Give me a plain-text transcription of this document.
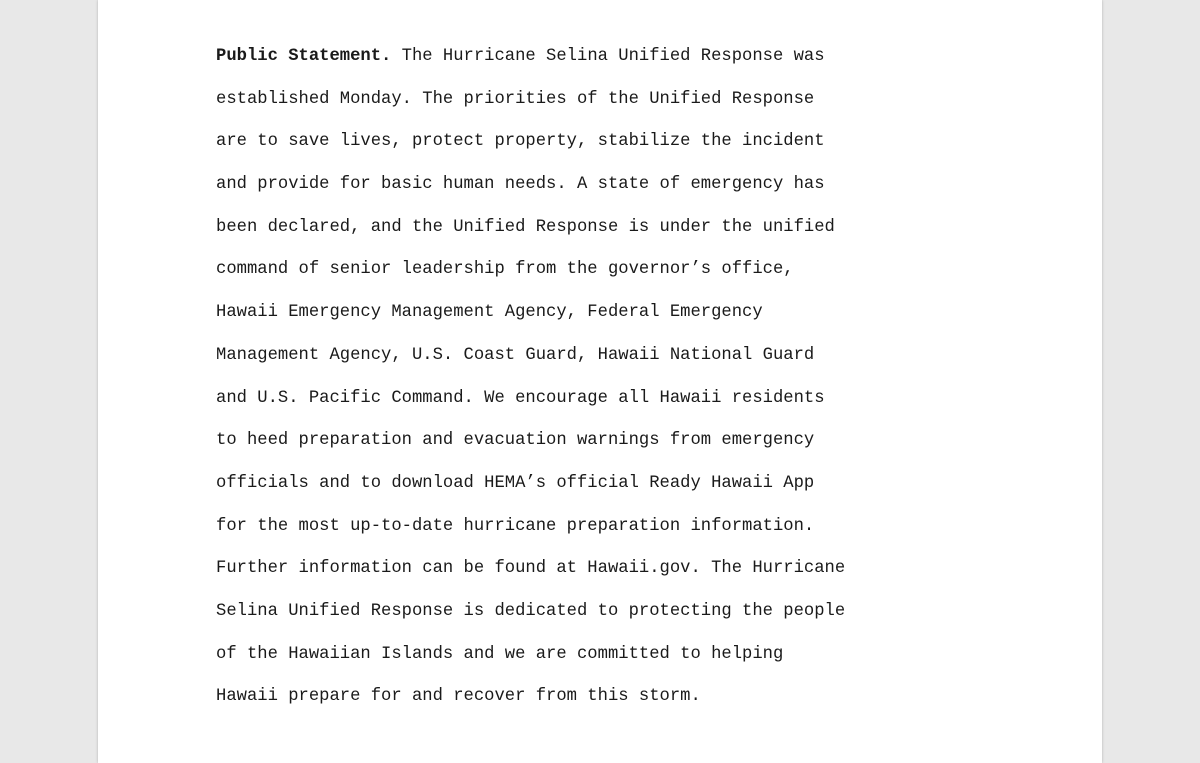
Public Statement. The Hurricane Selina Unified Response was
established Monday. The priorities of the Unified Response
are to save lives, protect property, stabilize the incident
and provide for basic human needs. A state of emergency has
been declared, and the Unified Response is under the unified
command of senior leadership from the governor’s office,
Hawaii Emergency Management Agency, Federal Emergency
Management Agency, U.S. Coast Guard, Hawaii National Guard
and U.S. Pacific Command. We encourage all Hawaii residents
to heed preparation and evacuation warnings from emergency
officials and to download HEMA’s official Ready Hawaii App
for the most up-to-date hurricane preparation information.
Further information can be found at Hawaii.gov. The Hurricane
Selina Unified Response is dedicated to protecting the people
of the Hawaiian Islands and we are committed to helping
Hawaii prepare for and recover from this storm.
